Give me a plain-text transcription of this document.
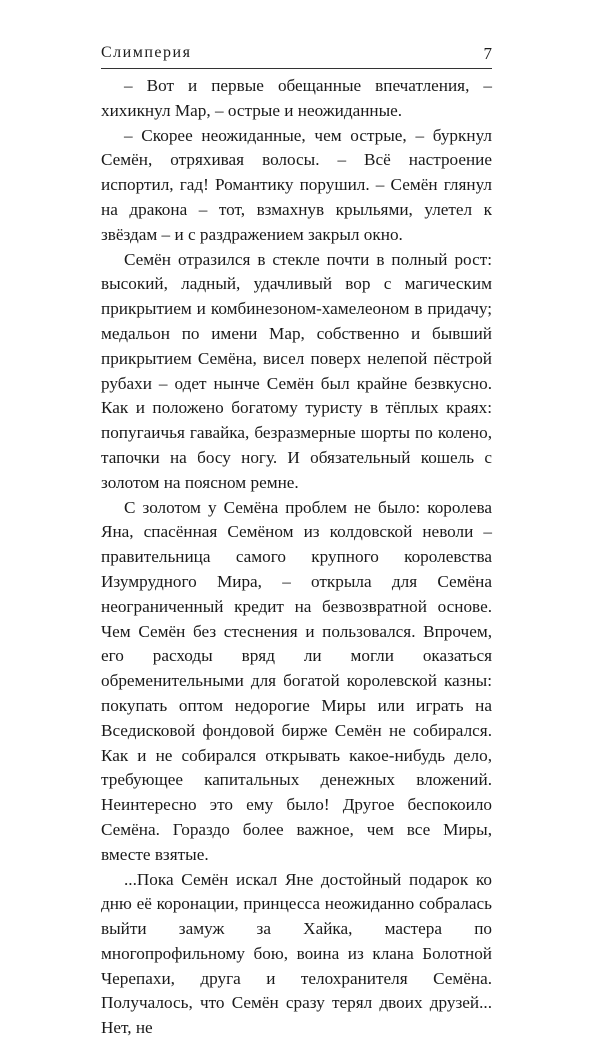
Слимперия	7

– Вот и первые обещанные впечатления, – хихикнул Мар, – острые и неожиданные.

– Скорее неожиданные, чем острые, – буркнул Семён, отряхивая волосы. – Всё настроение испортил, гад! Романтику порушил. – Семён глянул на дракона – тот, взмахнув крыльями, улетел к звёздам – и с раздражением закрыл окно.

Семён отразился в стекле почти в полный рост: высокий, ладный, удачливый вор с магическим прикрытием и комбинезоном-хамелеоном в придачу; медальон по имени Мар, собственно и бывший прикрытием Семёна, висел поверх нелепой пёстрой рубахи – одет нынче Семён был крайне безвкусно. Как и положено богатому туристу в тёплых краях: попугаичья гавайка, безразмерные шорты по колено, тапочки на босу ногу. И обязательный кошель с золотом на поясном ремне.

С золотом у Семёна проблем не было: королева Яна, спасённая Семёном из колдовской неволи – правительница самого крупного королевства Изумрудного Мира, – открыла для Семёна неограниченный кредит на безвозвратной основе. Чем Семён без стеснения и пользовался. Впрочем, его расходы вряд ли могли оказаться обременительными для богатой королевской казны: покупать оптом недорогие Миры или играть на Вседисковой фондовой бирже Семён не собирался. Как и не собирался открывать какое-нибудь дело, требующее капитальных денежных вложений. Неинтересно это ему было! Другое беспокоило Семёна. Гораздо более важное, чем все Миры, вместе взятые.

...Пока Семён искал Яне достойный подарок ко дню её коронации, принцесса неожиданно собралась выйти замуж за Хайка, мастера по многопрофильному бою, воина из клана Болотной Черепахи, друга и телохранителя Семёна. Получалось, что Семён сразу терял двоих друзей... Нет, не
